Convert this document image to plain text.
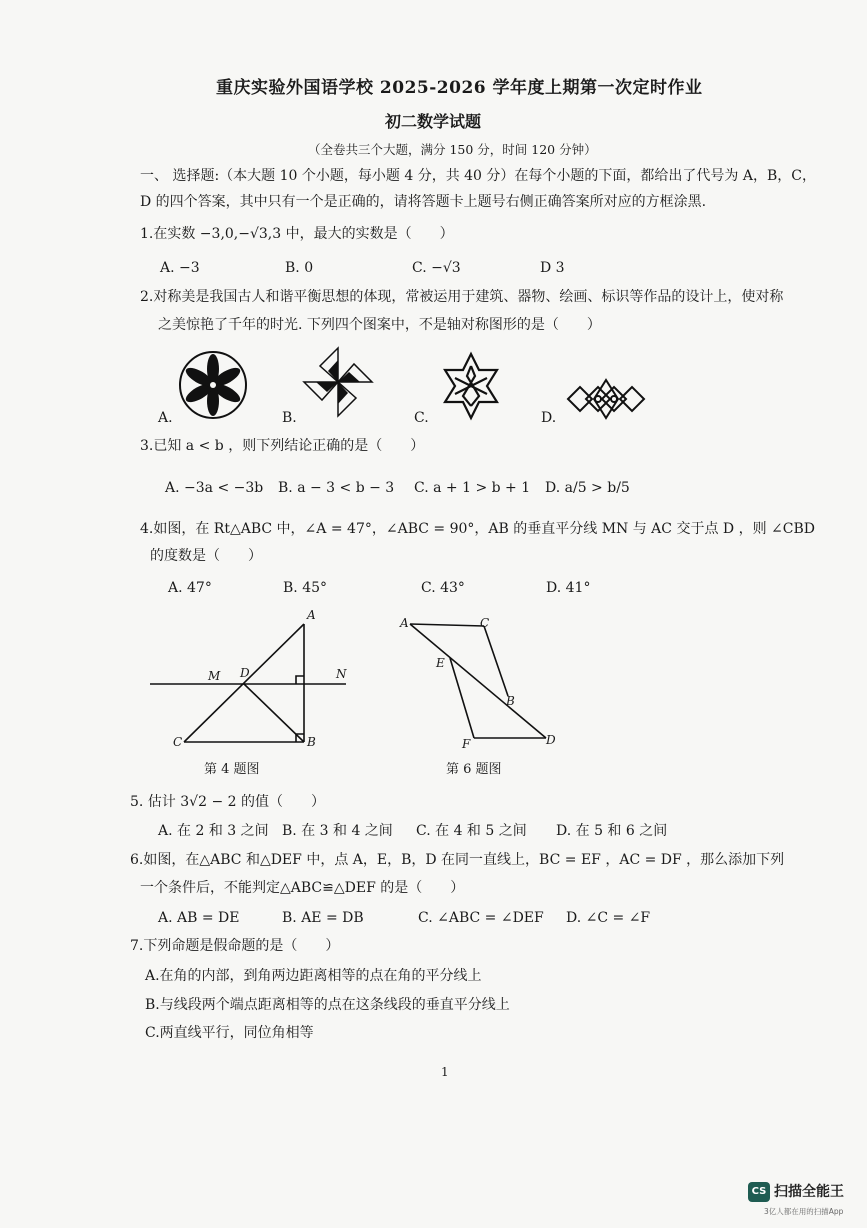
重庆实验外国语学校 2025-2026 学年度上期第一次定时作业
初二数学试题
（全卷共三个大题，满分 150 分，时间 120 分钟）
一、 选择题:（本大题 10 个小题，每小题 4 分，共 40 分）在每个小题的下面，都给出了代号为 A，B，C，
D 的四个答案，其中只有一个是正确的，请将答题卡上题号右侧正确答案所对应的方框涂黑.
1.在实数 −3,0,−√3,3 中，最大的实数是（　　）
A. −3	B. 0	C. −√3	D 3
2.对称美是我国古人和谐平衡思想的体现，常被运用于建筑、器物、绘画、标识等作品的设计上，使对称
之美惊艳了千年的时光. 下列四个图案中，不是轴对称图形的是（　　）
A.	B.	C.	D.
3.已知 a < b ，则下列结论正确的是（　　）
A. −3a < −3b B. a − 3 < b − 3 C. a + 1 > b + 1 D. a/5 > b/5
4.如图，在 Rt△ABC 中，∠A = 47°，∠ABC = 90°，AB 的垂直平分线 MN 与 AC 交于点 D ，则 ∠CBD
的度数是（　　）
A. 47°	B. 45°	C. 43°	D. 41°
A
M D	N
C	B
第 4 题图
A	C
E
B
F	D
第 6 题图
5. 估计 3√2 − 2 的值（　　）
A. 在 2 和 3 之间 B. 在 3 和 4 之间 C. 在 4 和 5 之间 D. 在 5 和 6 之间
6.如图，在△ABC 和△DEF 中，点 A，E，B，D 在同一直线上，BC = EF ，AC = DF ，那么添加下列
一个条件后，不能判定△ABC≌△DEF 的是（　　）
A. AB = DE	B. AE = DB	C. ∠ABC = ∠DEF D. ∠C = ∠F
7.下列命题是假命题的是（　　）
A.在角的内部，到角两边距离相等的点在角的平分线上
B.与线段两个端点距离相等的点在这条线段的垂直平分线上
C.两直线平行，同位角相等
1
CS 扫描全能王
3亿人都在用的扫描App
